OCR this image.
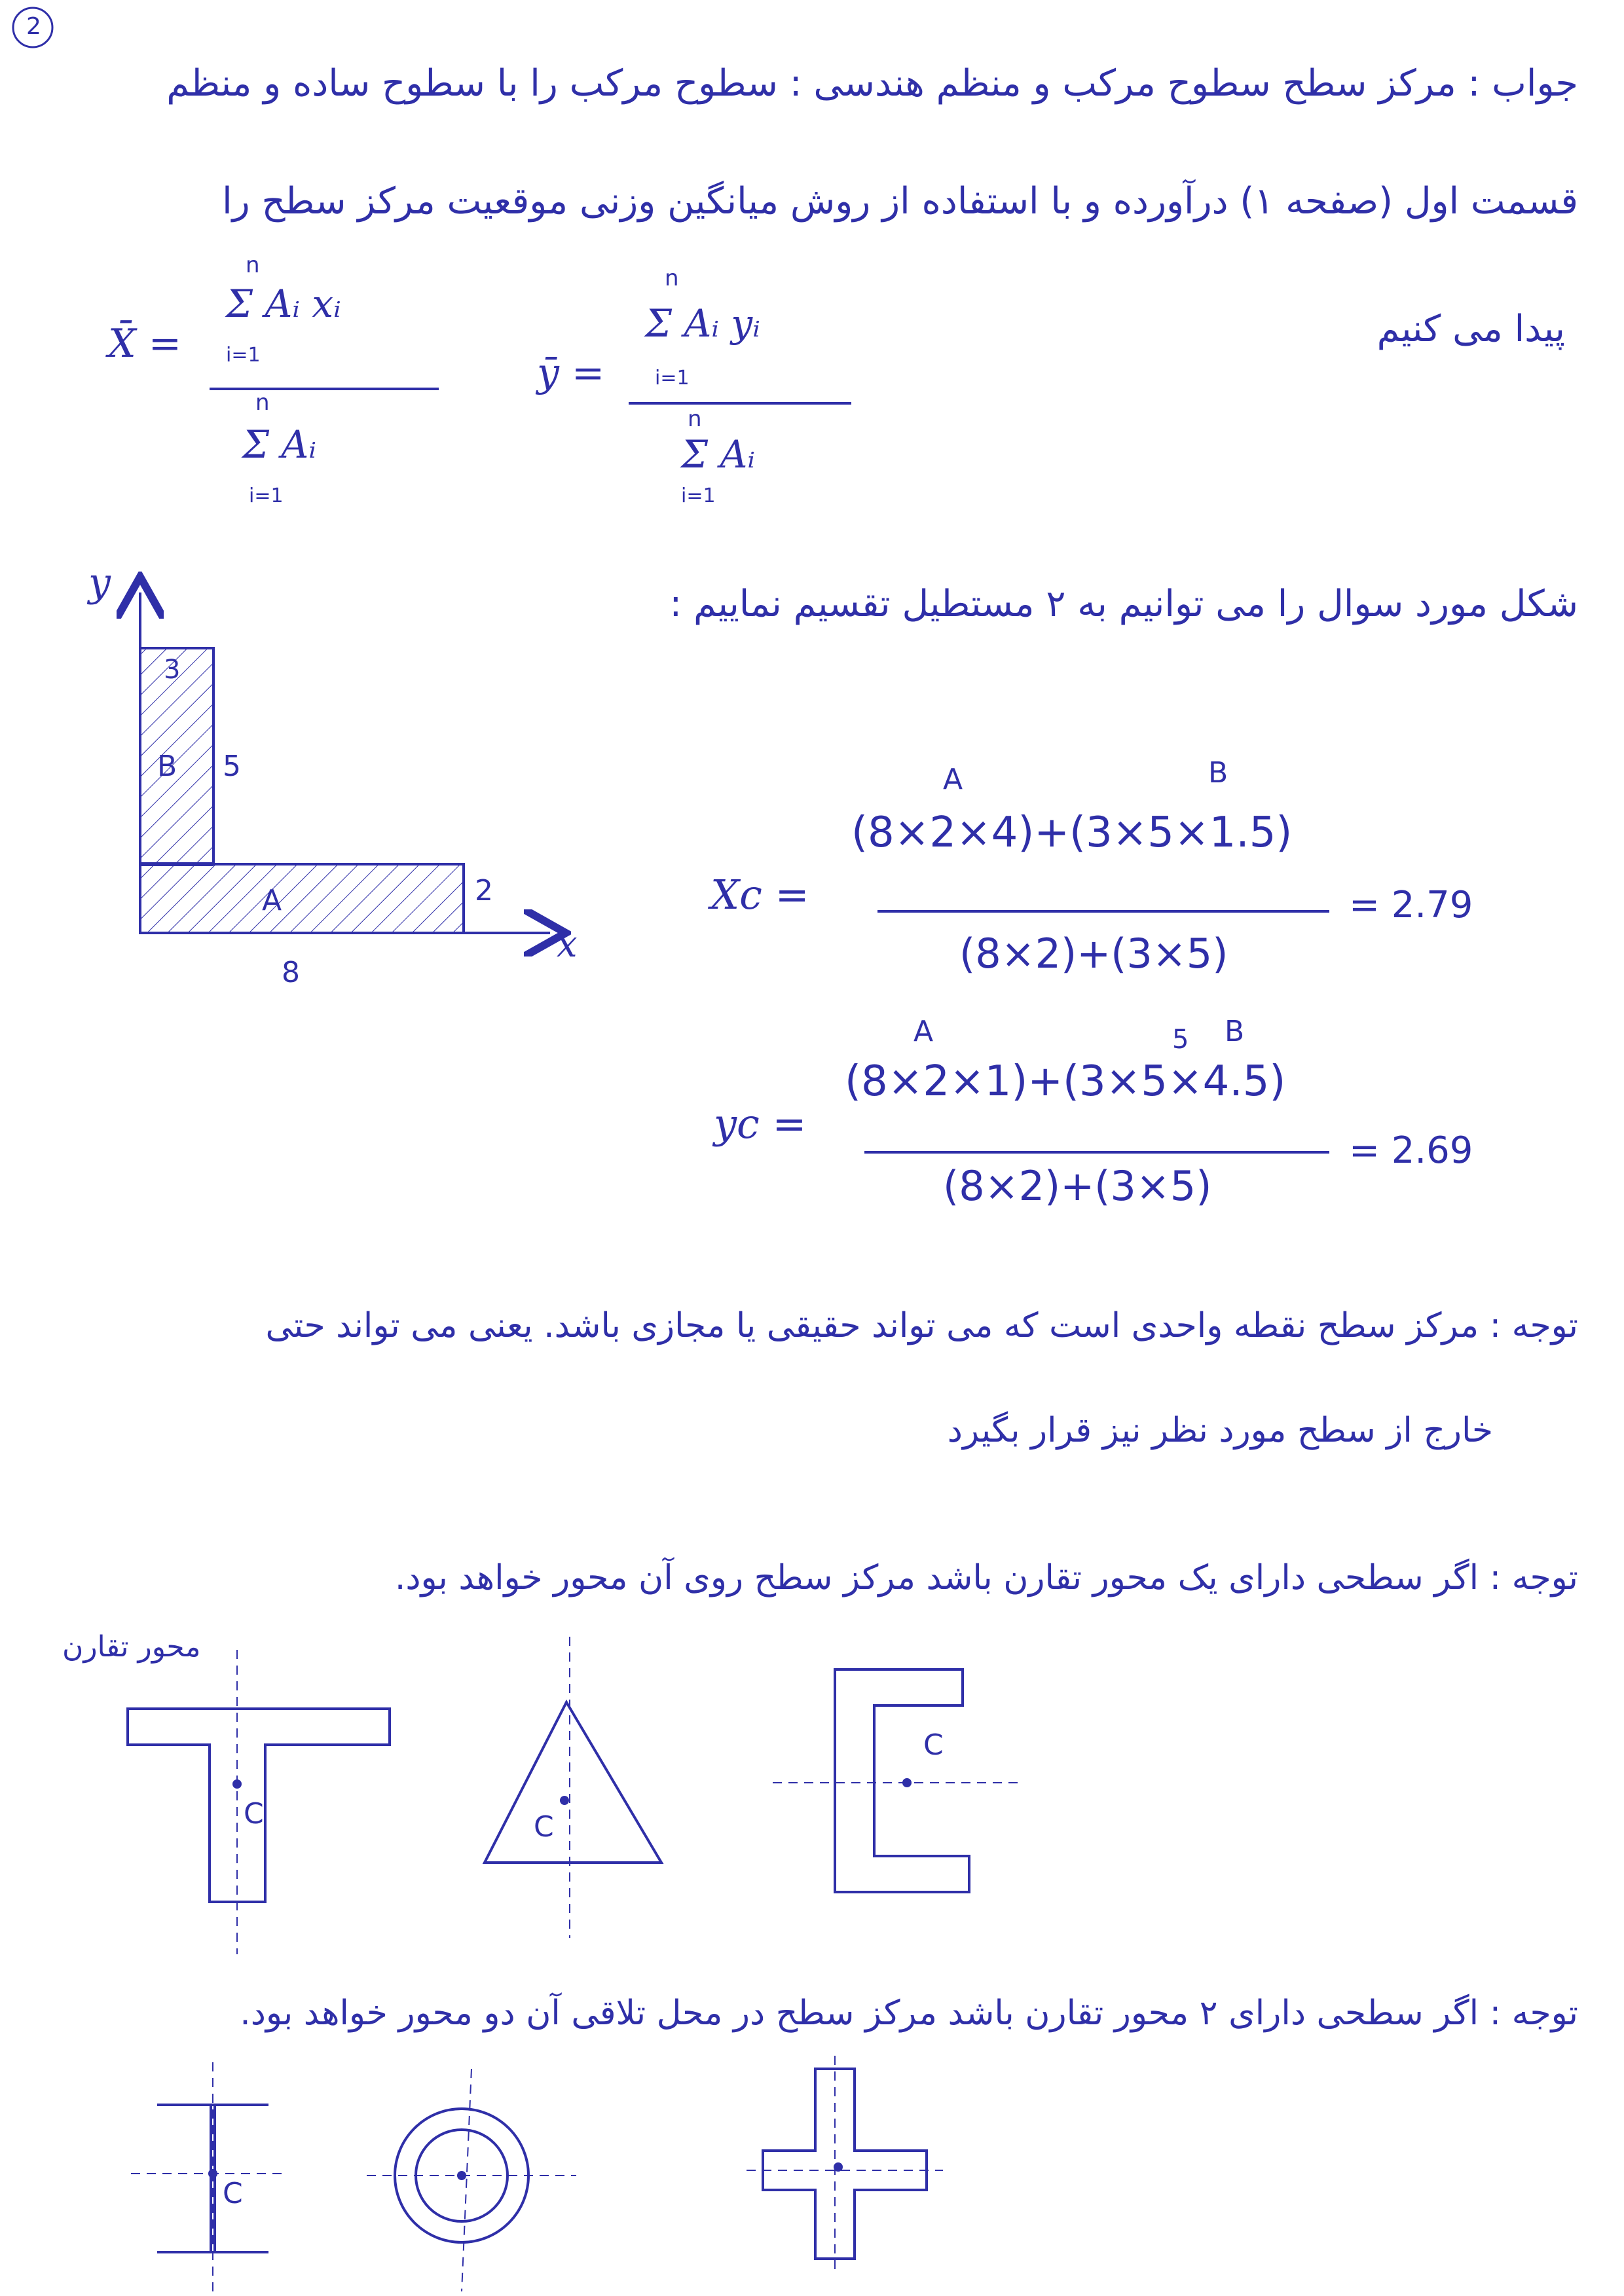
2
جواب : مرکز سطح سطوح مرکب و منظم هندسی : سطوح مرکب را با سطوح ساده و منظم
قسمت اول (صفحه ۱) درآورده و با استفاده از روش میانگین وزنی موقعیت مرکز سطح را
پیدا می کنیم
X̄ =
n
Σ Aᵢ xᵢ
i=1
n
Σ Aᵢ
i=1
ȳ =
n
Σ Aᵢ yᵢ
i=1
n
Σ Aᵢ
i=1
شکل مورد سوال را می توانیم به ۲ مستطیل تقسیم نماییم :
y
x
3
B 5
A	2
8
A	B
Xc =
(8×2×4)+(3×5×1.5)
(8×2)+(3×5)
= 2.79
A	5 B
yc =
(8×2×1)+(3×5×4.5)
(8×2)+(3×5)
= 2.69
توجه : مرکز سطح نقطه واحدی است که می تواند حقیقی یا مجازی باشد. یعنی می تواند حتی
خارج از سطح مورد نظر نیز قرار بگیرد
توجه : اگر سطحی دارای یک محور تقارن باشد مرکز سطح روی آن محور خواهد بود.
محور تقارن
C	C
C
توجه : اگر سطحی دارای ۲ محور تقارن باشد مرکز سطح در محل تلاقی آن دو محور خواهد بود.
C
